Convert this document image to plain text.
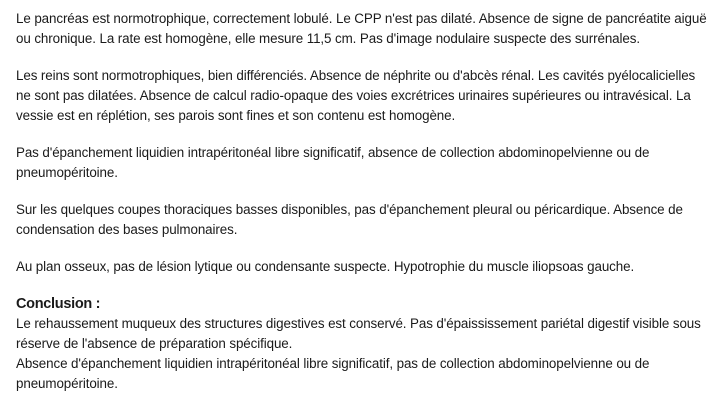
Le pancréas est normotrophique, correctement lobulé. Le CPP n'est pas dilaté. Absence de signe de pancréatite aiguë ou chronique. La rate est homogène, elle mesure 11,5 cm. Pas d'image nodulaire suspecte des surrénales.

Les reins sont normotrophiques, bien différenciés. Absence de néphrite ou d'abcès rénal. Les cavités pyélocalicielles ne sont pas dilatées. Absence de calcul radio-opaque des voies excrétrices urinaires supérieures ou intravésical. La vessie est en réplétion, ses parois sont fines et son contenu est homogène.

Pas d'épanchement liquidien intrapéritonéal libre significatif, absence de collection abdominopelvienne ou de pneumopéritoine.

Sur les quelques coupes thoraciques basses disponibles, pas d'épanchement pleural ou péricardique. Absence de condensation des bases pulmonaires.

Au plan osseux, pas de lésion lytique ou condensante suspecte. Hypotrophie du muscle iliopsoas gauche.

Conclusion :

Le rehaussement muqueux des structures digestives est conservé. Pas d'épaississement pariétal digestif visible sous réserve de l'absence de préparation spécifique.

Absence d'épanchement liquidien intrapéritonéal libre significatif, pas de collection abdominopelvienne ou de pneumopéritoine.
